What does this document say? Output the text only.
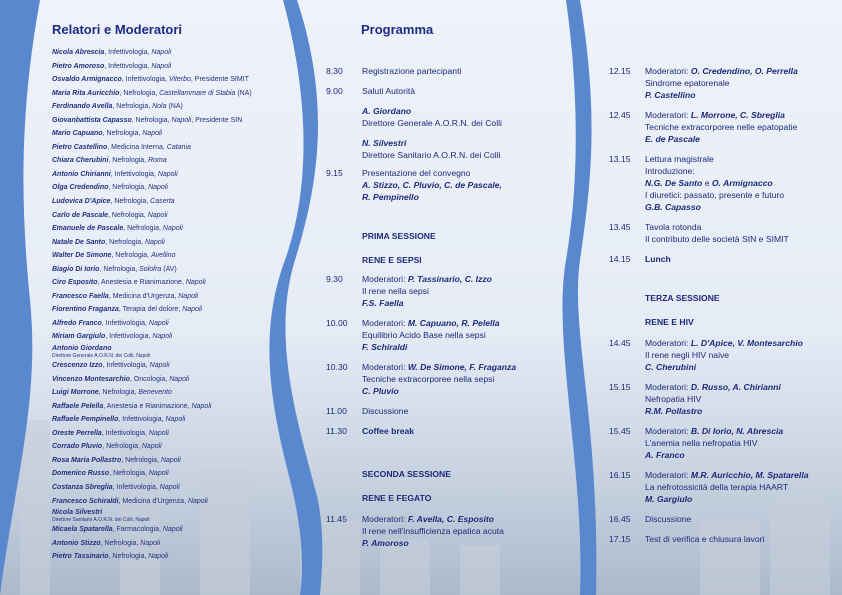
Relatori e Moderatori
Nicola Abrescia, Infettivologia, Napoli
Pietro Amoroso, Infettivologia, Napoli
Osvaldo Armignacco, Infettivologia, Viterbo, Presidente SIMIT
Maria Rita Auricchio, Nefrologia, Castellammare di Stabia (NA)
Ferdinando Avella, Nefrologia, Nola (NA)
Giovanbattista Capasso, Nefrologia, Napoli, Presidente SIN
Mario Capuano, Nefrologia, Napoli
Pietro Castellino, Medicina Interna, Catania
Chiara Cherubini, Nefrologia, Roma
Antonio Chirianni, Infettivologia, Napoli
Olga Credendino, Nefrologia, Napoli
Ludovica D'Apice, Nefrologia, Caserta
Carlo de Pascale, Nefrologia, Napoli
Emanuele de Pascale, Nefrologia, Napoli
Natale De Santo, Nefrologia, Napoli
Walter De Simone, Nefrologia, Avellino
Biagio Di Iorio, Nefrologia, Solofra (AV)
Ciro Esposito, Anestesia e Rianimazione, Napoli
Francesco Faella, Medicina d'Urgenza, Napoli
Fiorentino Fraganza, Terapia del dolore, Napoli
Alfredo Franco, Infettivologia, Napoli
Miriam Gargiulo, Infettivologia, Napoli
Antonio Giordano
Direttore Generale A.O.R.N. dei Colli, Napoli
Crescenzo Izzo, Infettivologia, Napoli
Vincenzo Montesarchio, Oncologia, Napoli
Luigi Morrone, Nefrologia, Benevento
Raffaele Pelella, Anestesia e Rianimazione, Napoli
Raffaele Pempinello, Infettivologia, Napoli
Oreste Perrella, Infettivologia, Napoli
Corrado Pluvio, Nefrologia, Napoli
Rosa Maria Pollastro, Nefrologia, Napoli
Domenico Russo, Nefrologia, Napoli
Costanza Sbreglia, Infettivologia, Napoli
Francesco Schiraldi, Medicina d'Urgenza, Napoli
Nicola Silvestri
Direttore Sanitario A.O.R.N. dei Colli, Napoli
Micaela Spatarella, Farmacologia, Napoli
Antonio Stizzo, Nefrologia, Napoli
Pietro Tassinario, Nefrologia, Napoli
Programma
8.30	Registrazione partecipanti
9.00	Saluti Autorità
A. Giordano
Direttore Generale A.O.R.N. dei Colli
N. Silvestri
Direttore Sanitario A.O.R.N. dei Colli
9.15	Presentazione del convegno
A. Stizzo, C. Pluvio, C. de Pascale,
R. Pempinello
PRIMA SESSIONE
RENE E SEPSI
9.30	Moderatori: P. Tassinario, C. Izzo
Il rene nella sepsi
F.S. Faella
10.00	Moderatori: M. Capuano, R. Pelella
Equilibrio Acido Base nella sepsi
F. Schiraldi
10.30	Moderatori: W. De Simone, F. Fraganza
Tecniche extracorporee nella sepsi
C. Pluvio
11.00	Discussione
11.30	Coffee break
SECONDA SESSIONE
RENE E FEGATO
11.45	Moderatori: F. Avella, C. Esposito
Il rene nell'insufficienza epatica acuta
P. Amoroso
12.15	Moderatori: O. Credendino, O. Perrella
Sindrome epatorenale
P. Castellino
12.45	Moderatori: L. Morrone, C. Sbreglia
Tecniche extracorporee nelle epatopatie
E. de Pascale
13.15	Lettura magistrale
Introduzione:
N.G. De Santo e O. Armignacco
I diuretici: passato, presente e futuro
G.B. Capasso
13.45	Tavola rotonda
Il contributo delle società SIN e SIMIT
14.15	Lunch
TERZA SESSIONE
RENE E HIV
14.45	Moderatori: L. D'Apice, V. Montesarchio
Il rene negli HIV naive
C. Cherubini
15.15	Moderatori: D. Russo, A. Chirianni
Nefropatia HIV
R.M. Pollastro
15.45	Moderatori: B. Di Iorio, N. Abrescia
L'anemia nella nefropatia HIV
A. Franco
16.15	Moderatori: M.R. Auricchio, M. Spatarella
La nefrotossicità della terapia HAART
M. Gargiulo
16.45	Discussione
17.15	Test di verifica e chiusura lavori
